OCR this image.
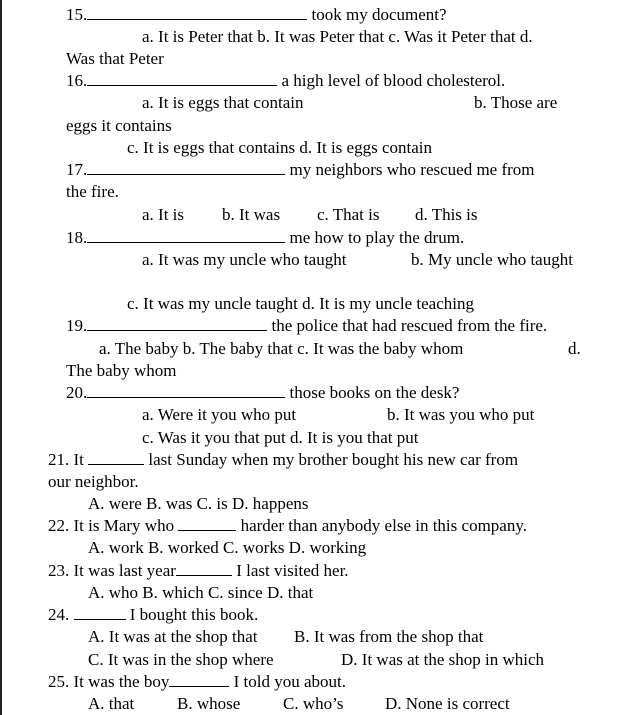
15.	took my document?
a. It is Peter that b. It was Peter that c. Was it Peter that d.
Was that Peter
16.	a high level of blood cholesterol.
a. It is eggs that contain	b. Those are
eggs it contains
c. It is eggs that contains d. It is eggs contain
17.	my neighbors who rescued me from
the fire.
a. It is b. It was c. That is d. This is
18.	me how to play the drum.
a. It was my uncle who taught	b. My uncle who taught
c. It was my uncle taught d. It is my uncle teaching
19.	the police that had rescued from the fire.
a. The baby b. The baby that c. It was the baby whom	d.
The baby whom
20.	those books on the desk?
a. Were it you who put	b. It was you who put
c. Was it you that put d. It is you that put
21. It	last Sunday when my brother bought his new car from
our neighbor.
A. were B. was C. is D. happens
22. It is Mary who	harder than anybody else in this company.
A. work B. worked C. works D. working
23. It was last year	I last visited her.
A. who B. which C. since D. that
24.	I bought this book.
A. It was at the shop that B. It was from the shop that
C. It was in the shop where	D. It was at the shop in which
25. It was the boy	I told you about.
A. that	B. whose	C. who’s D. None is correct
